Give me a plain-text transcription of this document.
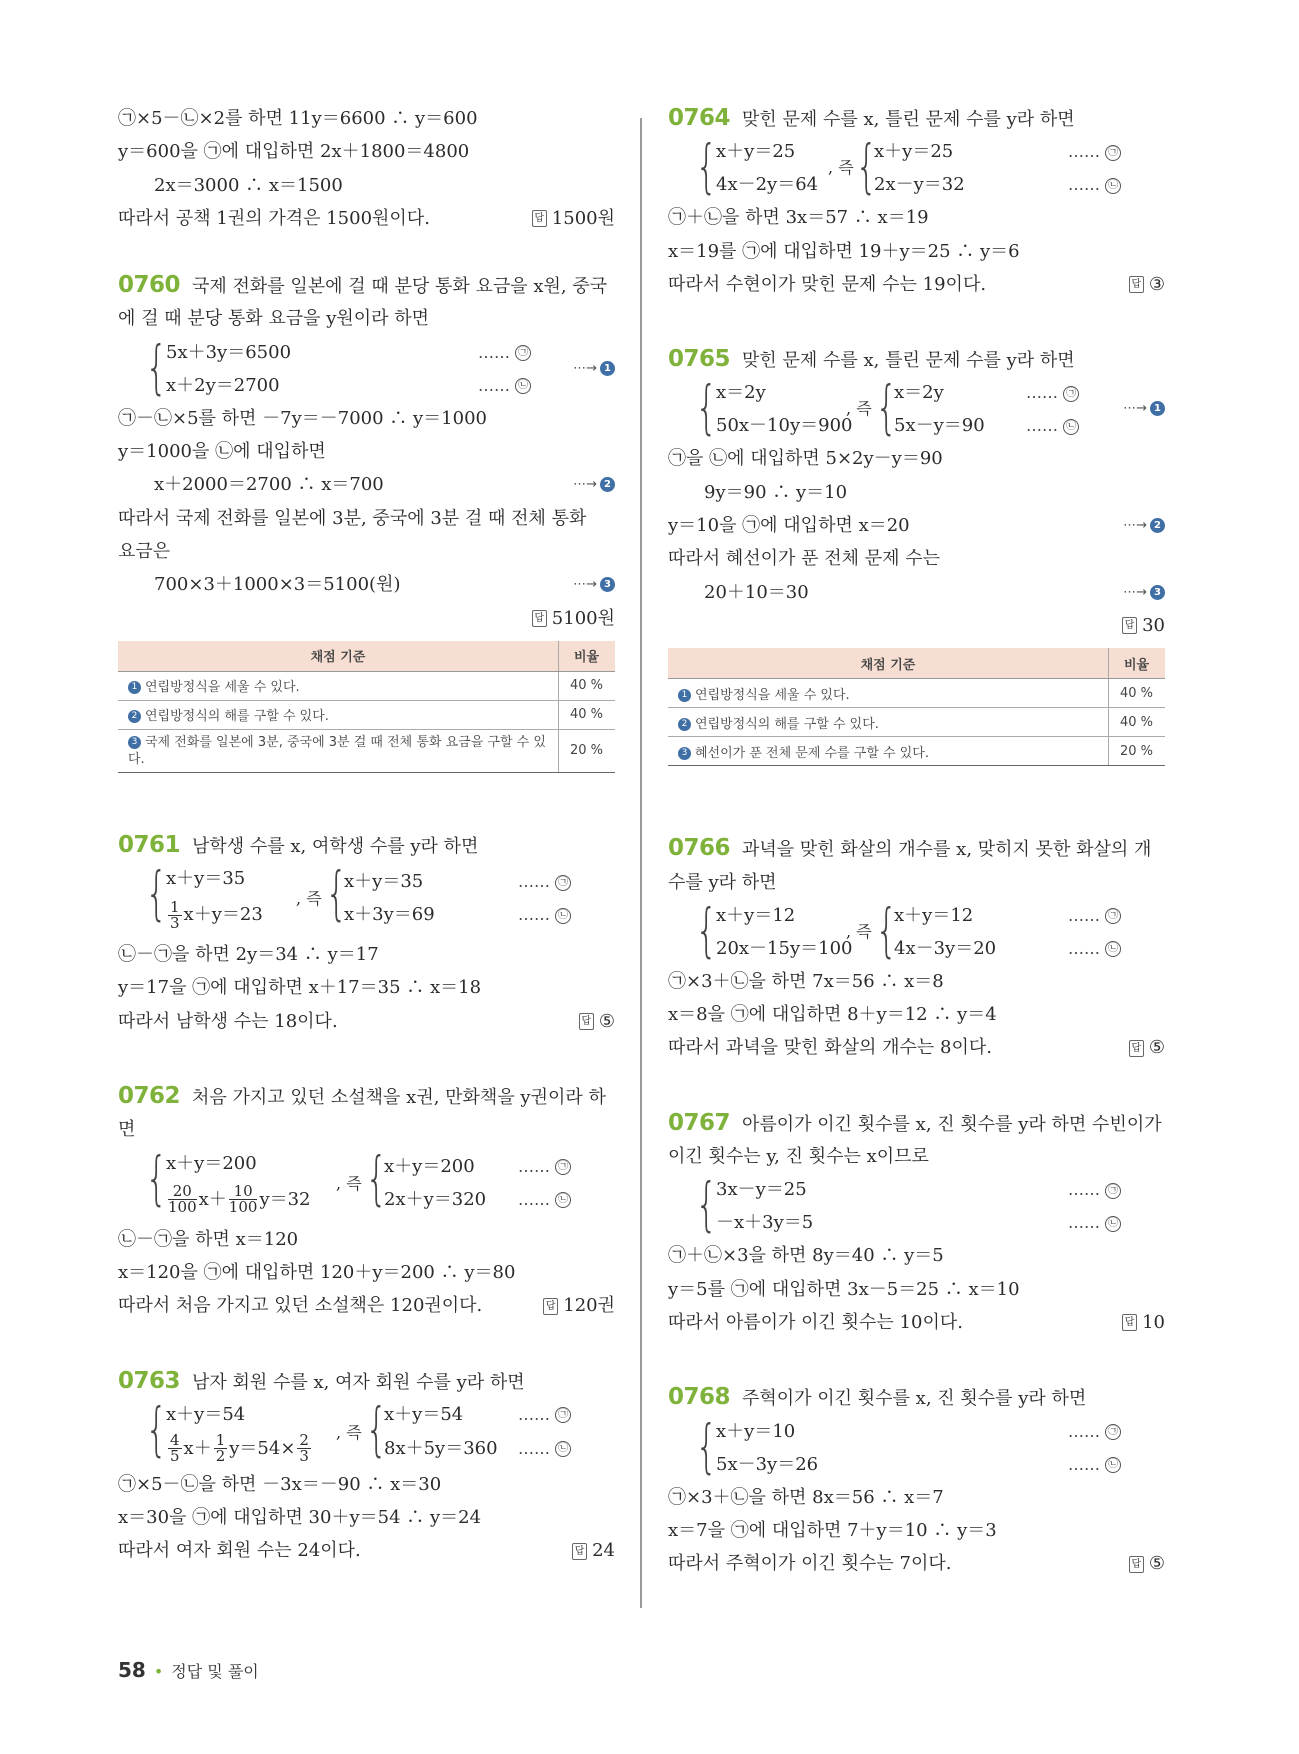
㉠×5－㉡×2를 하면 11y＝6600 ∴ y＝600
y＝600을 ㉠에 대입하면 2x＋1800＝4800
2x＝3000 ∴ x＝1500
따라서 공책 1권의 가격은 1500원이다.	답 1500원
0760 국제 전화를 일본에 걸 때 분당 통화 요금을 x원, 중국
에 걸 때 분당 통화 요금을 y원이라 하면
{
5x＋3y＝6500
x＋2y＝2700
…… ㉠
…… ㉡
⋯→ 1
㉠－㉡×5를 하면 －7y＝－7000 ∴ y＝1000
y＝1000을 ㉡에 대입하면
x＋2000＝2700 ∴ x＝700	⋯→ 2
따라서 국제 전화를 일본에 3분, 중국에 3분 걸 때 전체 통화
요금은
700×3＋1000×3＝5100(원)	⋯→ 3
답 5100원
채점 기준	비율
1 연립방정식을 세울 수 있다.	40 %
2 연립방정식의 해를 구할 수 있다.	40 %
3 국제 전화를 일본에 3분, 중국에 3분 걸 때 전체 통화 요금을 구할 수 있다.	20 %
0761 남학생 수를 x, 여학생 수를 y라 하면
{
x＋y＝35
$\frac{1}{3} x+y=23$
, 즉 {
x＋y＝35
x＋3y＝69
…… ㉠
…… ㉡
㉡－㉠을 하면 2y＝34 ∴ y＝17
y＝17을 ㉠에 대입하면 x＋17＝35 ∴ x＝18
따라서 남학생 수는 18이다.	답 ⑤
0762 처음 가지고 있던 소설책을 x권, 만화책을 y권이라 하
면
{
x＋y＝200
$\frac{20}{100} x+ \frac{10}{100} y=32$
, 즉 {
x＋y＝200
2x＋y＝320
…… ㉠
…… ㉡
㉡－㉠을 하면 x＝120
x＝120을 ㉠에 대입하면 120＋y＝200 ∴ y＝80
따라서 처음 가지고 있던 소설책은 120권이다.	답 120권
0763 남자 회원 수를 x, 여자 회원 수를 y라 하면
{
x＋y＝54
$\frac{4}{5} x+ \frac{1}{2} y=54\times \frac{2}{3}$
, 즉 {
x＋y＝54
8x＋5y＝360
…… ㉠
…… ㉡
㉠×5－㉡을 하면 －3x＝－90 ∴ x＝30
x＝30을 ㉠에 대입하면 30＋y＝54 ∴ y＝24
따라서 여자 회원 수는 24이다.	답 24
0764 맞힌 문제 수를 x, 틀린 문제 수를 y라 하면
{
x＋y＝25
4x－2y＝64
, 즉 {
x＋y＝25
2x－y＝32
…… ㉠
…… ㉡
㉠＋㉡을 하면 3x＝57 ∴ x＝19
x＝19를 ㉠에 대입하면 19＋y＝25 ∴ y＝6
따라서 수현이가 맞힌 문제 수는 19이다.	답 ③
0765 맞힌 문제 수를 x, 틀린 문제 수를 y라 하면
{
x＝2y
50x－10y＝900
, 즉 {
x＝2y
5x－y＝90
…… ㉠
…… ㉡
⋯→ 1
㉠을 ㉡에 대입하면 5×2y－y＝90
9y＝90 ∴ y＝10
y＝10을 ㉠에 대입하면 x＝20	⋯→ 2
따라서 혜선이가 푼 전체 문제 수는
20＋10＝30	⋯→ 3
답 30
채점 기준	비율
1 연립방정식을 세울 수 있다.	40 %
2 연립방정식의 해를 구할 수 있다.	40 %
3 혜선이가 푼 전체 문제 수를 구할 수 있다.	20 %
0766 과녁을 맞힌 화살의 개수를 x, 맞히지 못한 화살의 개
수를 y라 하면
{
x＋y＝12
20x－15y＝100
, 즉 {
x＋y＝12
4x－3y＝20
…… ㉠
…… ㉡
㉠×3＋㉡을 하면 7x＝56 ∴ x＝8
x＝8을 ㉠에 대입하면 8＋y＝12 ∴ y＝4
따라서 과녁을 맞힌 화살의 개수는 8이다.	답 ⑤
0767 아름이가 이긴 횟수를 x, 진 횟수를 y라 하면 수빈이가
이긴 횟수는 y, 진 횟수는 x이므로
{
3x－y＝25
－x＋3y＝5
…… ㉠
…… ㉡
㉠＋㉡×3을 하면 8y＝40 ∴ y＝5
y＝5를 ㉠에 대입하면 3x－5＝25 ∴ x＝10
따라서 아름이가 이긴 횟수는 10이다.	답 10
0768 주혁이가 이긴 횟수를 x, 진 횟수를 y라 하면
{
x＋y＝10
5x－3y＝26
…… ㉠
…… ㉡
㉠×3＋㉡을 하면 8x＝56 ∴ x＝7
x＝7을 ㉠에 대입하면 7＋y＝10 ∴ y＝3
따라서 주혁이가 이긴 횟수는 7이다.	답 ⑤
58 • 정답 및 풀이
